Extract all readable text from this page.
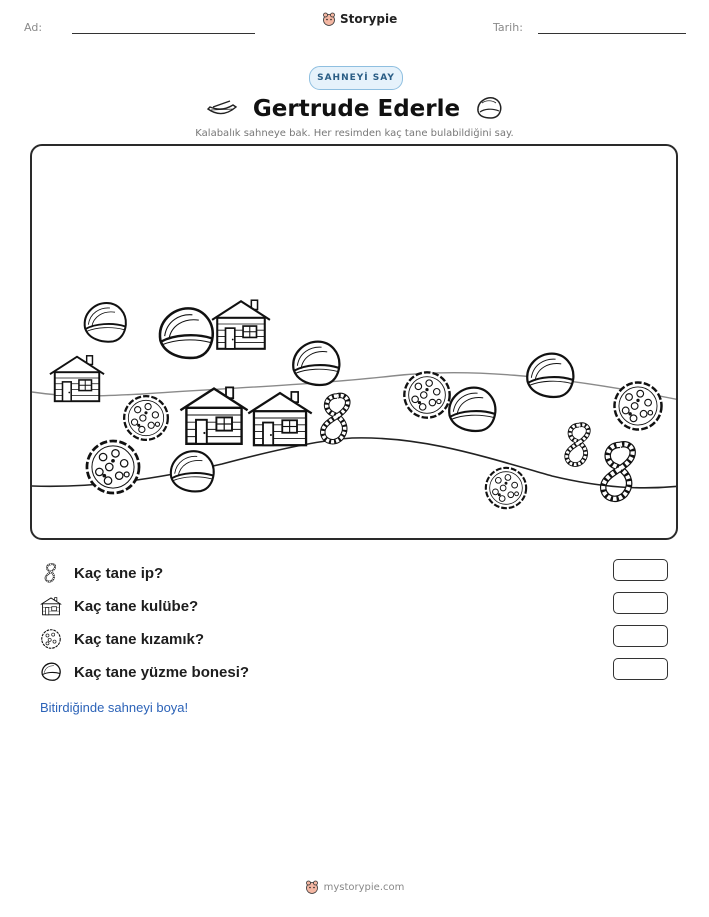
Ad:
Storypie
Tarih:
SAHNEYİ SAY
Gertrude Ederle
Kalabalık sahneye bak. Her resimden kaç tane bulabildiğini say.
Kaç tane ip?
Kaç tane kulübe?
Kaç tane kızamık?
Kaç tane yüzme bonesi?
Bitirdiğinde sahneyi boya!
mystorypie.com
